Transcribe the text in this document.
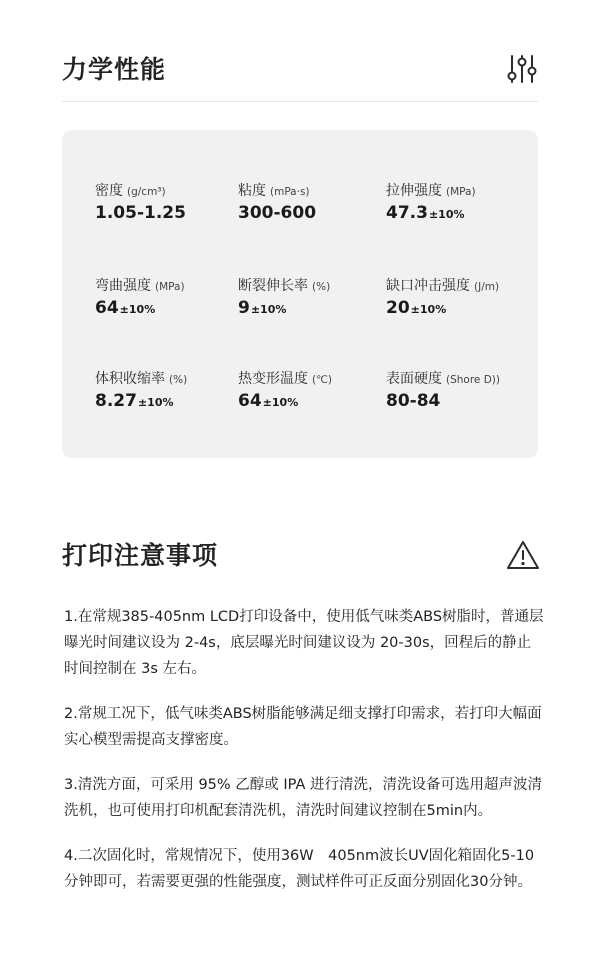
力学性能
密度 (g/cm³)
1.05-1.25
粘度 (mPa·s)
300-600
拉伸强度 (MPa)
47.3±10%
弯曲强度 (MPa)
64±10%
断裂伸长率 (%)
9±10%
缺口冲击强度 (J/m)
20±10%
体积收缩率 (%)
8.27±10%
热变形温度 (℃)
64±10%
表面硬度 (Shore D))
80-84
打印注意事项

1.在常规385-405nm LCD打印设备中，使用低气味类ABS树脂时，普通层曝光时间建议设为 2-4s，底层曝光时间建议设为 20-30s，回程后的静止时间控制在 3s 左右。

2.常规工况下，低气味类ABS树脂能够满足细支撑打印需求，若打印大幅面实心模型需提高支撑密度。

3.清洗方面，可采用 95% 乙醇或 IPA 进行清洗，清洗设备可选用超声波清洗机，也可使用打印机配套清洗机，清洗时间建议控制在5min内。

4.二次固化时，常规情况下，使用36W　405nm波长UV固化箱固化5-10分钟即可，若需要更强的性能强度，测试样件可正反面分别固化30分钟。
